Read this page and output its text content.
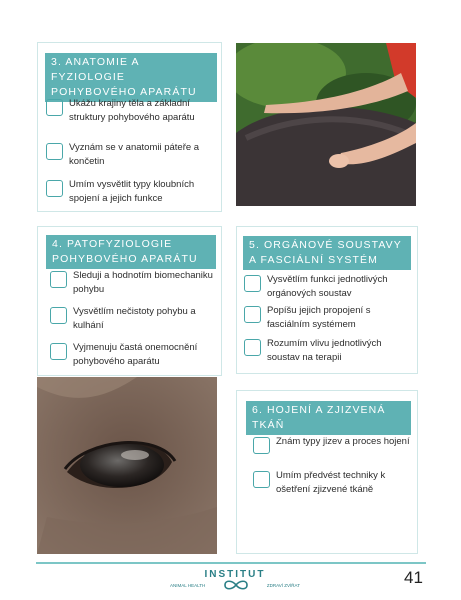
3. ANATOMIE A FYZIOLOGIE POHYBOVÉHO APARÁTU
Ukážu krajiny těla a základní struktury pohybového aparátu
Vyznám se v anatomii páteře a končetin
Umím vysvětlit typy kloubních spojení a jejich funkce
4. PATOFYZIOLOGIE POHYBOVÉHO APARÁTU
Sleduji a hodnotím biomechaniku pohybu
Vysvětlím nečistoty pohybu a kulhání
Vyjmenuju častá onemocnění pohybového aparátu
5. ORGÁNOVÉ SOUSTAVY A FASCIÁLNÍ SYSTÉM
Vysvětlím funkci jednotlivých orgánových soustav
Popíšu jejich propojení s fasciálním systémem
Rozumím vlivu jednotlivých soustav na terapii
6. HOJENÍ A ZJIZVENÁ TKÁŇ
Znám typy jizev a proces hojení
Umím předvést techniky k ošetření zjizvené tkáně
INSTITUT
ANIMAL HEALTH	ZDRAVÍ ZVÍŘAT	41
